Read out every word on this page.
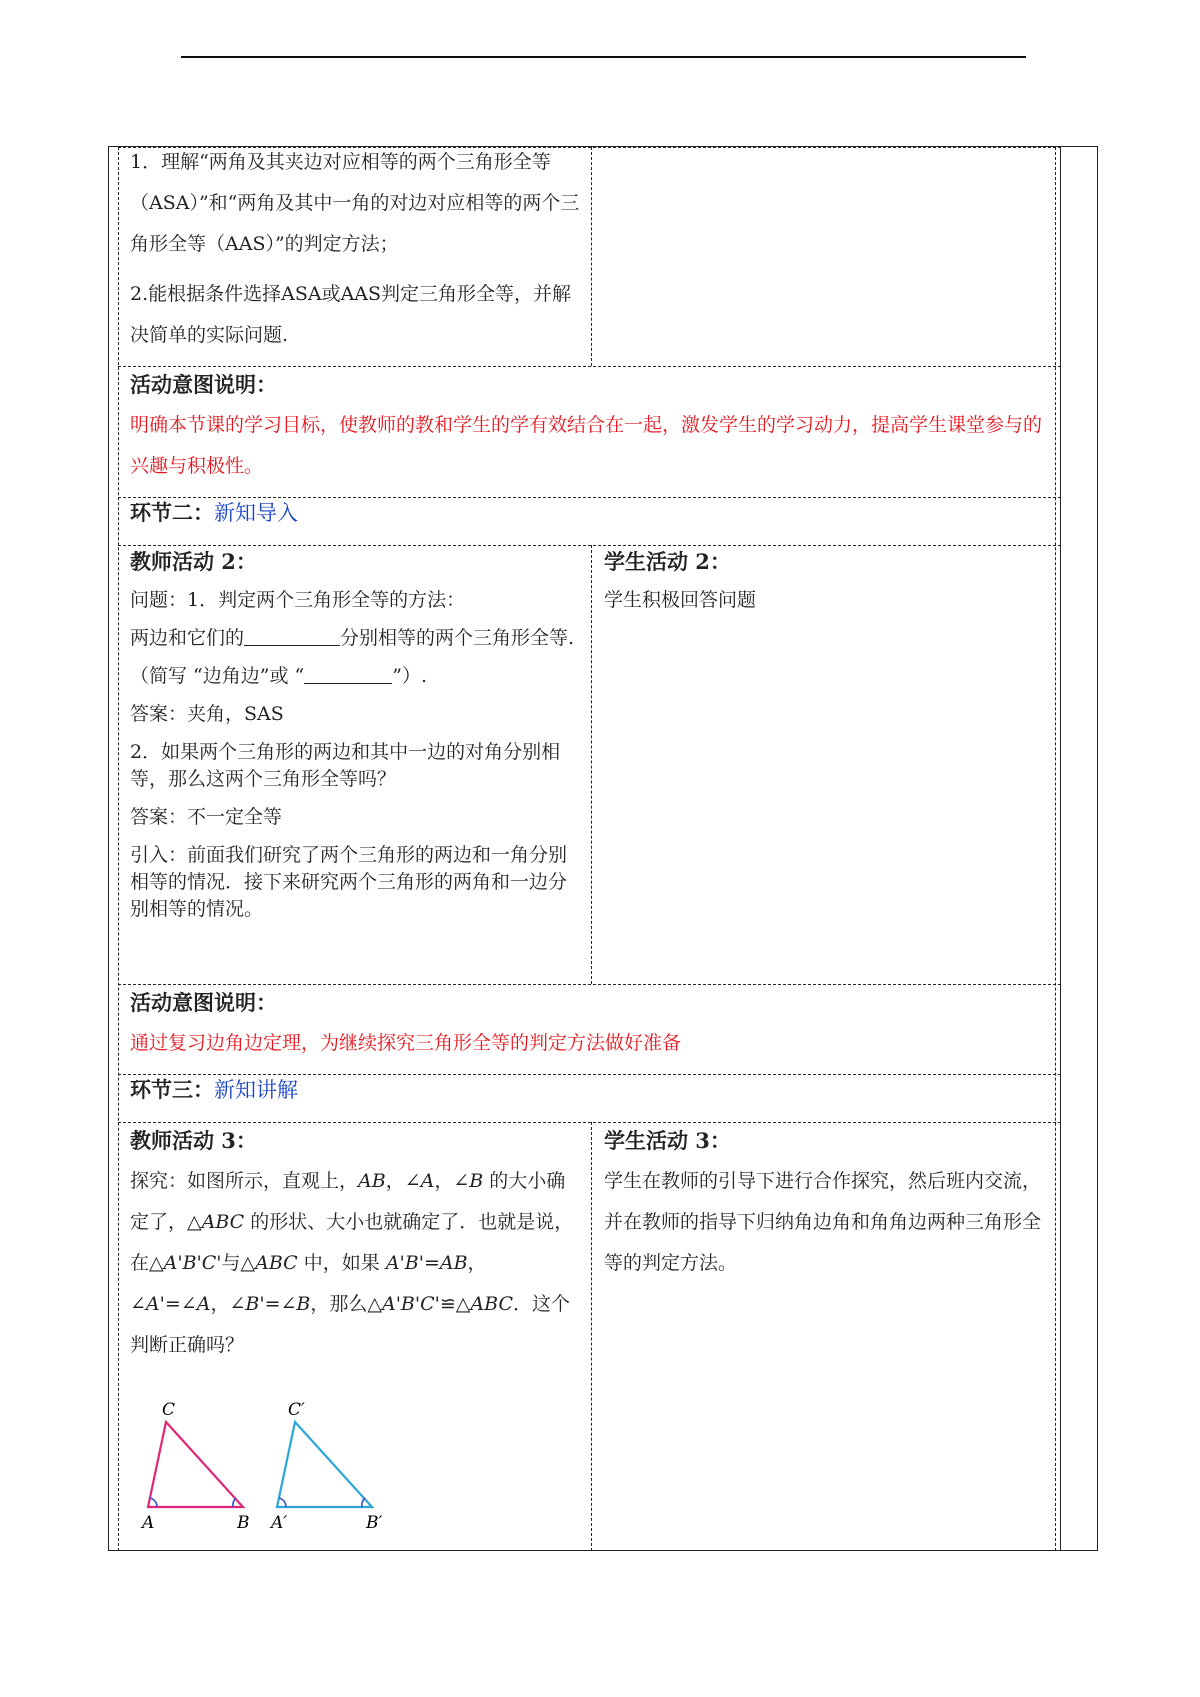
1．理解“两角及其夹边对应相等的两个三角形全等（ASA）”和“两角及其中一角的对边对应相等的两个三角形全等（AAS）”的判定方法；

2.能根据条件选择ASA或AAS判定三角形全等，并解决简单的实际问题.

活动意图说明：

明确本节课的学习目标，使教师的教和学生的学有效结合在一起，激发学生的学习动力，提高学生课堂参与的兴趣与积极性。

环节二：新知导入

教师活动 2：

问题：1．判定两个三角形全等的方法：

两边和它们的	分别相等的两个三角形全等.

（简写 “边角边”或 “	”）.

答案：夹角，SAS

2．如果两个三角形的两边和其中一边的对角分别相等，那么这两个三角形全等吗？

答案：不一定全等

引入：前面我们研究了两个三角形的两边和一角分别相等的情况．接下来研究两个三角形的两角和一边分别相等的情况。

学生活动 2：

学生积极回答问题

活动意图说明：

通过复习边角边定理，为继续探究三角形全等的判定方法做好准备

环节三：新知讲解

教师活动 3：

探究：如图所示，直观上，AB，∠A，∠B 的大小确定了，△ABC 的形状、大小也就确定了．也就是说，在△A'B'C'与△ABC 中，如果 A'B'=AB，∠A'=∠A，∠B'=∠B，那么△A'B'C'≌△ABC．这个判断正确吗？

C
A	B
C′
A′	B′

学生活动 3：

学生在教师的引导下进行合作探究，然后班内交流，并在教师的指导下归纳角边角和角角边两种三角形全等的判定方法。
